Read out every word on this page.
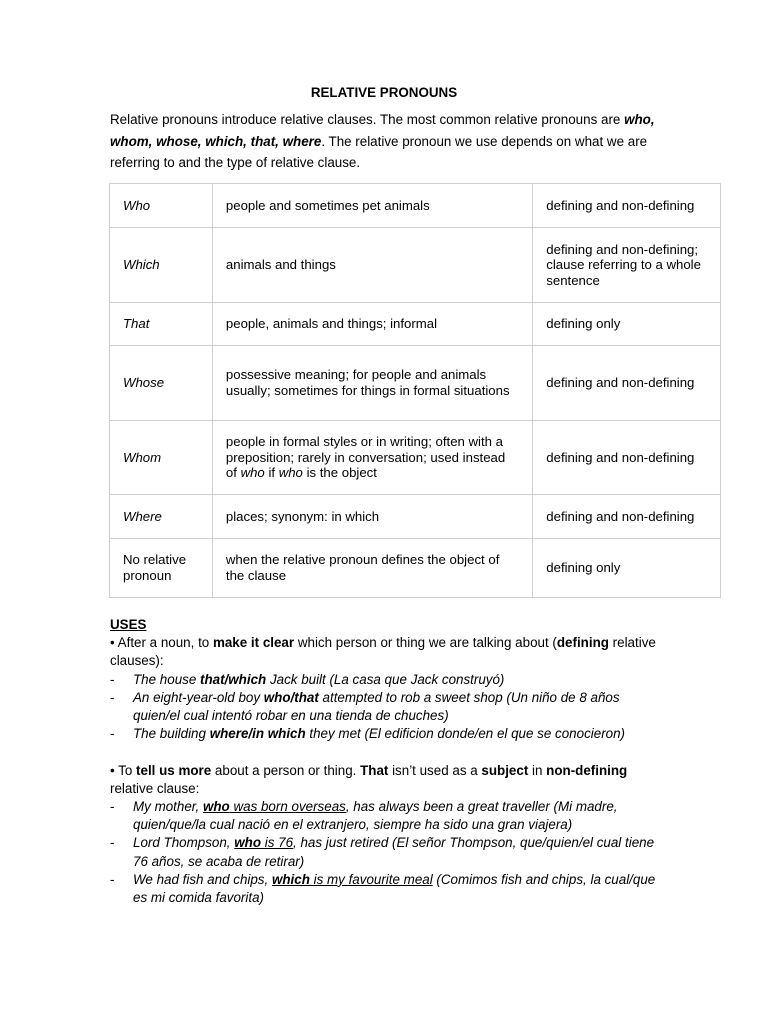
RELATIVE PRONOUNS

Relative pronouns introduce relative clauses. The most common relative pronouns are who, whom, whose, which, that, where. The relative pronoun we use depends on what we are referring to and the type of relative clause.

Who	people and sometimes pet animals	defining and non-defining
Which	animals and things	defining and non-defining; clause referring to a whole sentence
That	people, animals and things; informal	defining only
Whose	possessive meaning; for people and animals usually; sometimes for things in formal situations	defining and non-defining
Whom	people in formal styles or in writing; often with a preposition; rarely in conversation; used instead of who if who is the object	defining and non-defining
Where	places; synonym: in which	defining and non-defining
No relative pronoun	when the relative pronoun defines the object of the clause	defining only
USES

• After a noun, to make it clear which person or thing we are talking about (defining relative clauses):

- The house that/which Jack built (La casa que Jack construyó)
- An eight-year-old boy who/that attempted to rob a sweet shop (Un niño de 8 años quien/el cual intentó robar en una tienda de chuches)
- The building where/in which they met (El edificion donde/en el que se conocieron)

• To tell us more about a person or thing. That isn’t used as a subject in non-defining relative clause:

- My mother, who was born overseas, has always been a great traveller (Mi madre, quien/que/la cual nació en el extranjero, siempre ha sido una gran viajera)
- Lord Thompson, who is 76, has just retired (El señor Thompson, que/quien/el cual tiene 76 años, se acaba de retirar)
- We had fish and chips, which is my favourite meal (Comimos fish and chips, la cual/que es mi comida favorita)
